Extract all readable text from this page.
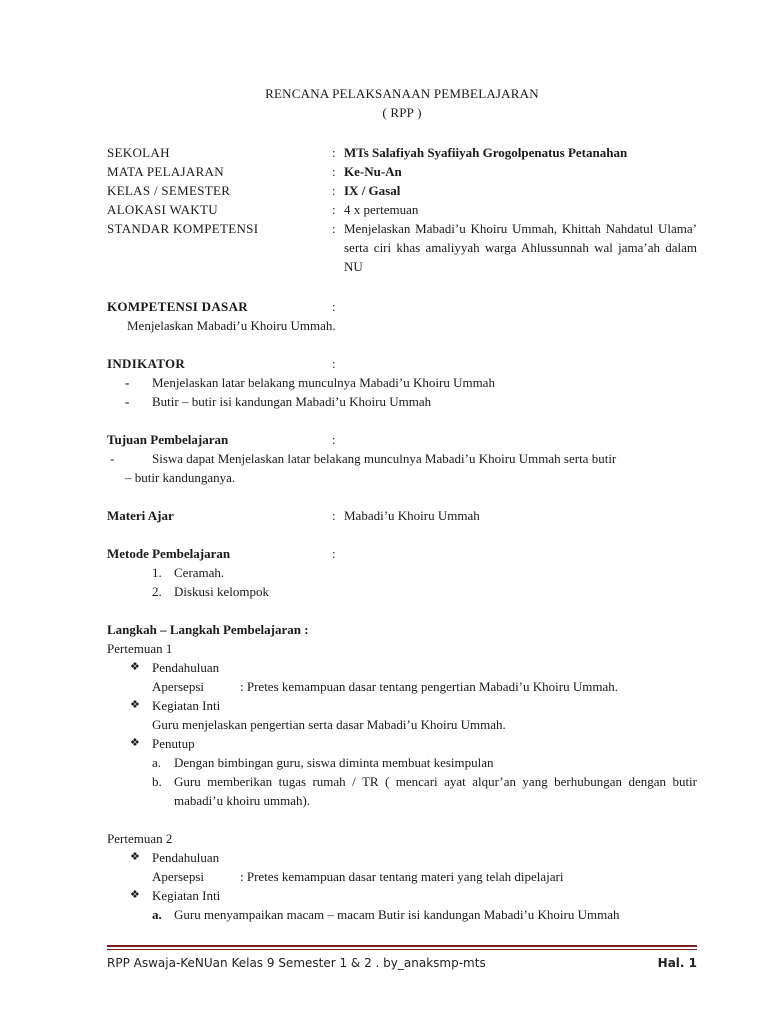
RENCANA PELAKSANAAN PEMBELAJARAN

( RPP )

SEKOLAH	: MTs Salafiyah Syafiiyah Grogolpenatus Petanahan
MATA PELAJARAN	: Ke-Nu-An
KELAS / SEMESTER	: IX / Gasal
ALOKASI WAKTU	: 4 x pertemuan
STANDAR KOMPETENSI	: Menjelaskan Mabadi’u Khoiru Ummah, Khittah Nahdatul Ulama’ serta ciri khas amaliyyah warga Ahlussunnah wal jama’ah dalam NU
KOMPETENSI DASAR	:
Menjelaskan Mabadi’u Khoiru Ummah.
INDIKATOR	:
-	Menjelaskan latar belakang munculnya Mabadi’u Khoiru Ummah
-	Butir – butir isi kandungan Mabadi’u Khoiru Ummah
Tujuan Pembelajaran	:
-	Siswa dapat Menjelaskan latar belakang munculnya Mabadi’u Khoiru Ummah serta butir
– butir kandunganya.
Materi Ajar	: Mabadi’u Khoiru Ummah
Metode Pembelajaran	:
1. Ceramah.
2. Diskusi kelompok
Langkah – Langkah Pembelajaran :
Pertemuan 1
❖ Pendahuluan
Apersepsi	: Pretes kemampuan dasar tentang pengertian Mabadi’u Khoiru Ummah.
❖ Kegiatan Inti
Guru menjelaskan pengertian serta dasar Mabadi’u Khoiru Ummah.
❖ Penutup
a. Dengan bimbingan guru, siswa diminta membuat kesimpulan
b. Guru memberikan tugas rumah / TR ( mencari ayat alqur’an yang berhubungan dengan butir mabadi’u khoiru ummah).
Pertemuan 2
❖ Pendahuluan
Apersepsi	: Pretes kemampuan dasar tentang materi yang telah dipelajari
❖ Kegiatan Inti
a. Guru menyampaikan macam – macam Butir isi kandungan Mabadi’u Khoiru Ummah
RPP Aswaja-KeNUan Kelas 9 Semester 1 & 2 . by_anaksmp-mts	Hal. 1
